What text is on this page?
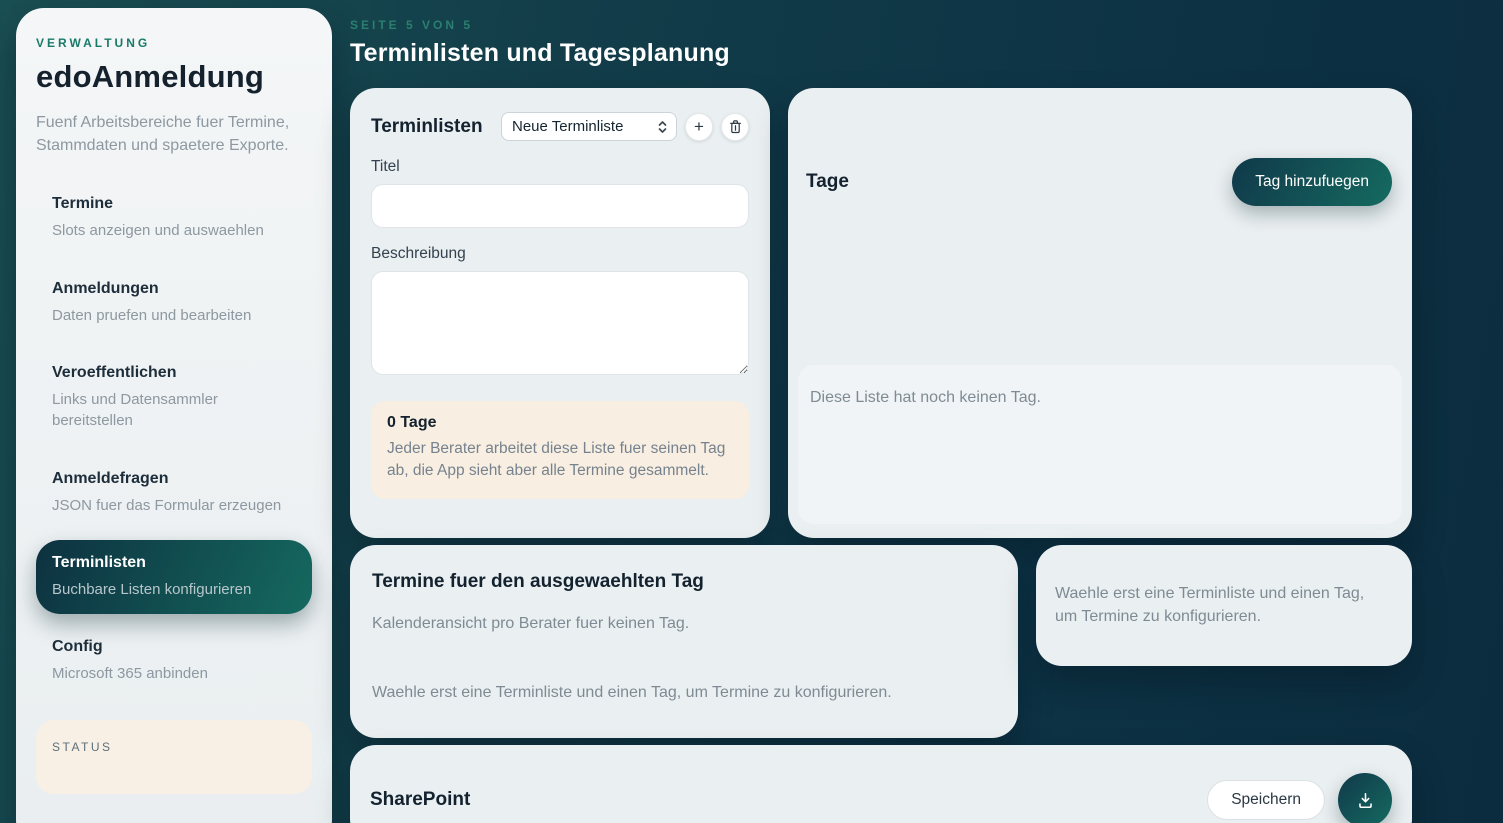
VERWALTUNG
edoAnmeldung
Fuenf Arbeitsbereiche fuer Termine, Stammdaten und spaetere Exporte.
Termine
Slots anzeigen und auswaehlen
Anmeldungen
Daten pruefen und bearbeiten
Veroeffentlichen
Links und Datensammler bereitstellen
Anmeldefragen
JSON fuer das Formular erzeugen
Terminlisten
Buchbare Listen konfigurieren
Config
Microsoft 365 anbinden
STATUS
SEITE 5 VON 5
Terminlisten und Tagesplanung
Terminlisten Neue Terminliste	+
Titel
Beschreibung
0 Tage
Jeder Berater arbeitet diese Liste fuer seinen Tag ab, die App sieht aber alle Termine gesammelt.
Tage	Tag hinzufuegen
Diese Liste hat noch keinen Tag.
Termine fuer den ausgewaehlten Tag
Kalenderansicht pro Berater fuer keinen Tag.
Waehle erst eine Terminliste und einen Tag, um Termine zu konfigurieren.
Waehle erst eine Terminliste und einen Tag, um Termine zu konfigurieren.
SharePoint	Speichern
